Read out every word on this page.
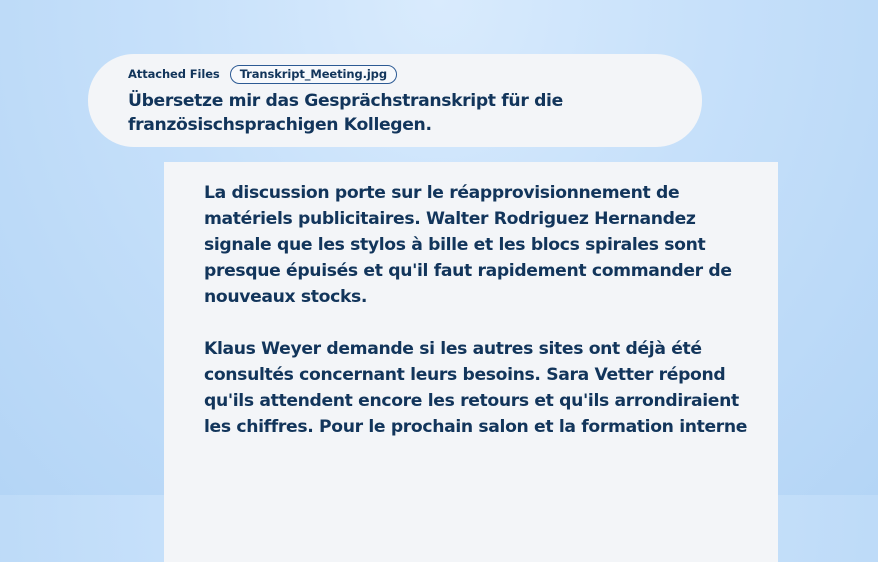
Attached Files	Transkript_Meeting.jpg
Übersetze mir das Gesprächstranskript für die französischsprachigen Kollegen.

La discussion porte sur le réapprovisionnement de matériels publicitaires. Walter Rodriguez Hernandez signale que les stylos à bille et les blocs spirales sont presque épuisés et qu'il faut rapidement commander de nouveaux stocks.

Klaus Weyer demande si les autres sites ont déjà été consultés concernant leurs besoins. Sara Vetter répond qu'ils attendent encore les retours et qu'ils arrondiraient les chiffres. Pour le prochain salon et la formation interne
